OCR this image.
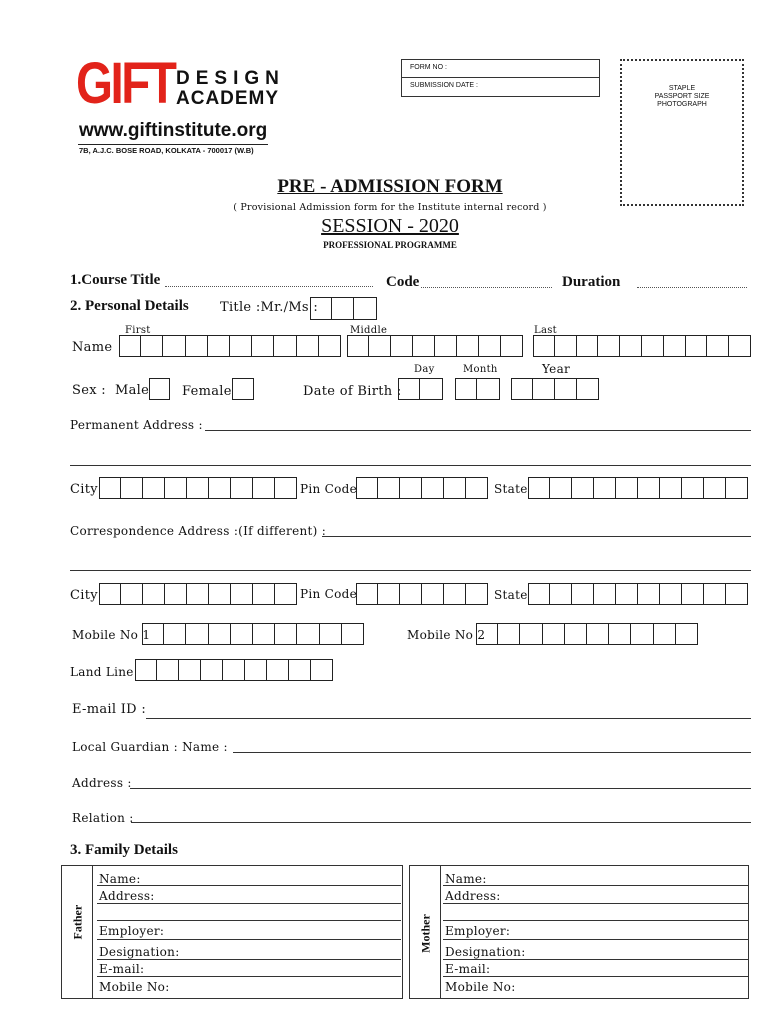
GIFT DESIGN
ACADEMY
www.giftinstitute.org
7B, A.J.C. BOSE ROAD, KOLKATA - 700017 (W.B)
FORM NO :
SUBMISSION DATE :	STAPLE
PASSPORT SIZE
PHOTOGRAPH
PRE - ADMISSION FORM
( Provisional Admission form for the Institute internal record )
SESSION - 2020
PROFESSIONAL PROGRAMME
1.Course Title	Code	Duration
2. Personal Details Title :Mr./Ms :
First	Middle	Last
Name
Day	Month	Year
Sex : Male	Female	Date of Birth :
Permanent Address :
City	Pin Code	State
Correspondence Address :(If different) :
City	Pin Code	State
Mobile No 1	Mobile No 2
Land Line
E-mail ID :
Local Guardian : Name :
Address :
Relation :
3. Family Details
Father
Name:
Address:
Employer:
Designation:
E-mail:
Mobile No:
Mother
Name:
Address:
Employer:
Designation:
E-mail:
Mobile No:
